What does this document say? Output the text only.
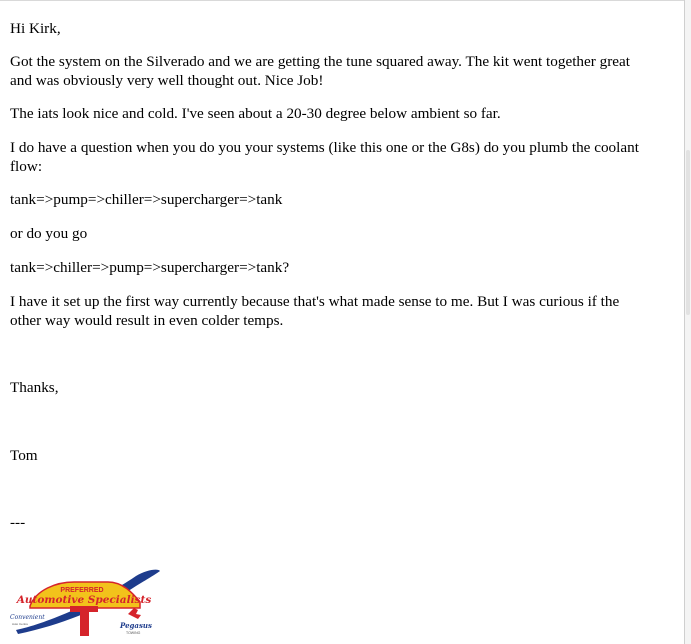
Hi Kirk,
Got the system on the Silverado and we are getting the tune squared away. The kit went together great
and was obviously very well thought out. Nice Job!
The iats look nice and cold. I've seen about a 20-30 degree below ambient so far.
I do have a question when you do you your systems (like this one or the G8s) do you plumb the coolant
flow:
tank=>pump=>chiller=>supercharger=>tank
or do you go
tank=>chiller=>pump=>supercharger=>tank?
I have it set up the first way currently because that's what made sense to me. But I was curious if the
other way would result in even colder temps.
Thanks,
Tom
---
PREFERRED
Automotive Specialists
Convenient
Auto Centre	Pegasus
TOWING
